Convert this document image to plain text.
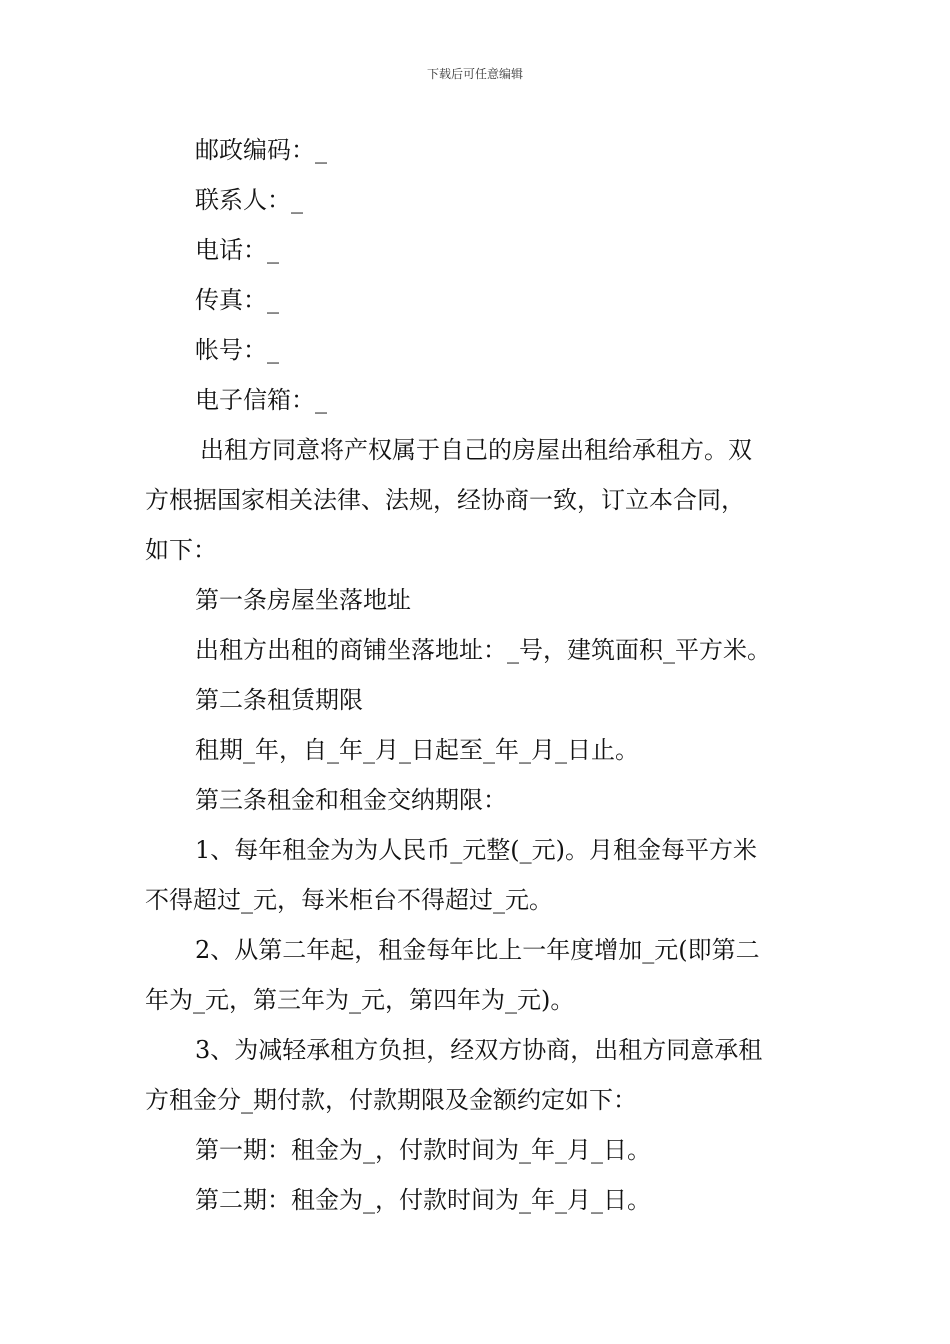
下载后可任意编辑
邮政编码：_
联系人：_
电话：_
传真：_
帐号：_
电子信箱：_
出租方同意将产权属于自己的房屋出租给承租方。双
方根据国家相关法律、法规，经协商一致，订立本合同，
如下：
第一条房屋坐落地址
出租方出租的商铺坐落地址：_号，建筑面积_平方米。
第二条租赁期限
租期_年，自_年_月_日起至_年_月_日止。
第三条租金和租金交纳期限：
1、每年租金为为人民币_元整(_元)。月租金每平方米
不得超过_元，每米柜台不得超过_元。
2、从第二年起，租金每年比上一年度增加_元(即第二
年为_元，第三年为_元，第四年为_元)。
3、为减轻承租方负担，经双方协商，出租方同意承租
方租金分_期付款，付款期限及金额约定如下：
第一期：租金为_，付款时间为_年_月_日。
第二期：租金为_，付款时间为_年_月_日。
